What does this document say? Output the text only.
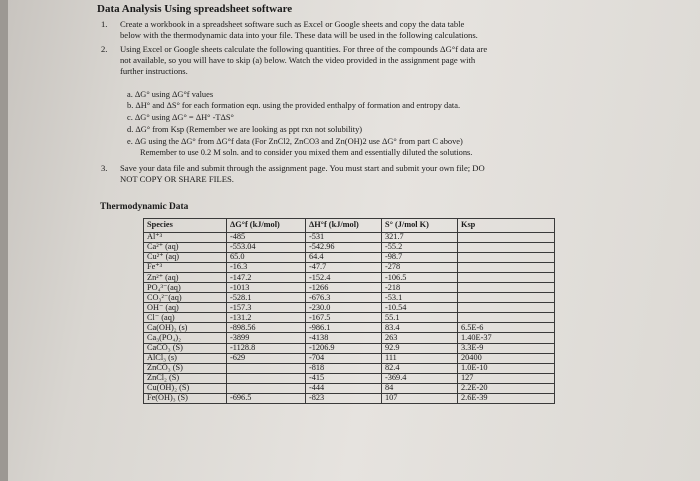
Data Analysis Using spreadsheet software
1. Create a workbook in a spreadsheet software such as Excel or Google sheets and copy the data table
below with the thermodynamic data into your file. These data will be used in the following calculations.
2. Using Excel or Google sheets calculate the following quantities. For three of the compounds ΔG°f data are
not available, so you will have to skip (a) below. Watch the video provided in the assignment page with
further instructions.
a. ΔG° using ΔG°f values
b. ΔH° and ΔS° for each formation eqn. using the provided enthalpy of formation and entropy data.
c. ΔG° using ΔG° = ΔH° -TΔS°
d. ΔG° from Ksp (Remember we are looking as ppt rxn not solubility)
e. ΔG using the ΔG° from ΔG°f data (For ZnCl2, ZnCO3 and Zn(OH)2 use ΔG° from part C above)
Remember to use 0.2 M soln. and to consider you mixed them and essentially diluted the solutions.
3. Save your data file and submit through the assignment page. You must start and submit your own file; DO
NOT COPY OR SHARE FILES.
Thermodynamic Data
Species	ΔG°f (kJ/mol)	ΔH°f (kJ/mol)	S° (J/mol K)	Ksp
Al⁺³	-485	-531	321.7	
Ca²⁺ (aq)	-553.04	-542.96	-55.2	
Cu²⁺ (aq)	65.0	64.4	-98.7	
Fe⁺³	-16.3	-47.7	-278	
Zn²⁺ (aq)	-147.2	-152.4	-106.5	
PO₄³⁻(aq)	-1013	-1266	-218	
CO₃²⁻(aq)	-528.1	-676.3	-53.1	
OH⁻ (aq)	-157.3	-230.0	-10.54	
Cl⁻ (aq)	-131.2	-167.5	55.1	
Ca(OH)₂ (s)	-898.56	-986.1	83.4	6.5E-6
Ca₃(PO₄)₂	-3899	-4138	263	1.40E-37
CaCO₃ (S)	-1128.8	-1206.9	92.9	3.3E-9
AlCl₃ (s)	-629	-704	111	20400
ZnCO₃ (S)		-818	82.4	1.0E-10
ZnCl₂ (S)		-415	-369.4	127
Cu(OH)₂ (S)		-444	84	2.2E-20
Fe(OH)₃ (S)	-696.5	-823	107	2.6E-39
